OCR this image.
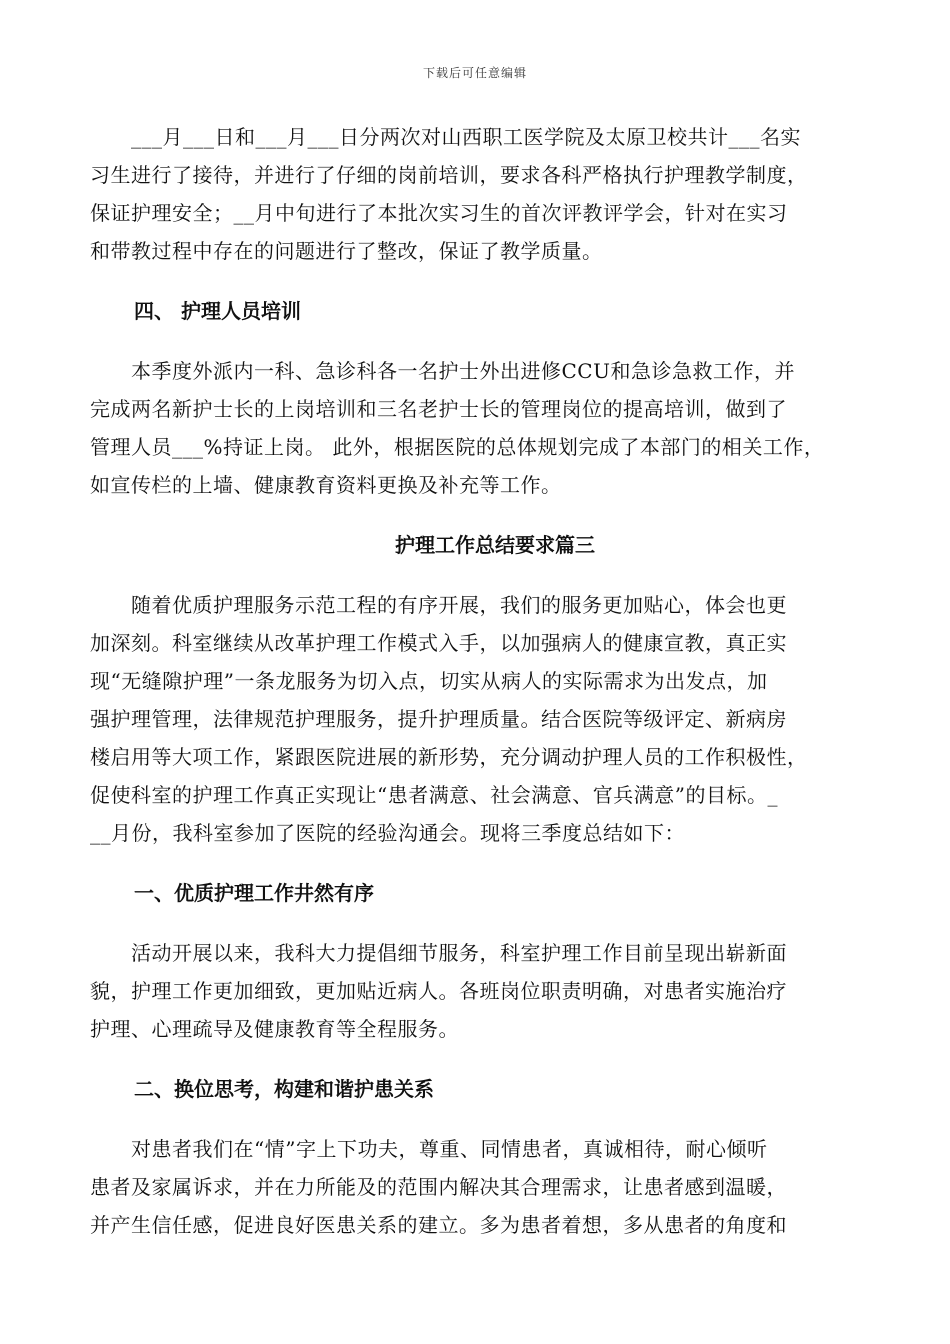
下载后可任意编辑

　　___月___日和___月___日分两次对山西职工医学院及太原卫校共计___名实
习生进行了接待，并进行了仔细的岗前培训，要求各科严格执行护理教学制度，
保证护理安全；__月中旬进行了本批次实习生的首次评教评学会，针对在实习
和带教过程中存在的问题进行了整改，保证了教学质量。

四、 护理人员培训

　　本季度外派内一科、急诊科各一名护士外出进修CCU和急诊急救工作，并
完成两名新护士长的上岗培训和三名老护士长的管理岗位的提高培训，做到了
管理人员___%持证上岗。 此外，根据医院的总体规划完成了本部门的相关工作，
如宣传栏的上墙、健康教育资料更换及补充等工作。

护理工作总结要求篇三

　　随着优质护理服务示范工程的有序开展，我们的服务更加贴心，体会也更
加深刻。科室继续从改革护理工作模式入手，以加强病人的健康宣教，真正实
现“无缝隙护理”一条龙服务为切入点，切实从病人的实际需求为出发点，加
强护理管理，法律规范护理服务，提升护理质量。结合医院等级评定、新病房
楼启用等大项工作，紧跟医院进展的新形势，充分调动护理人员的工作积极性，
促使科室的护理工作真正实现让“患者满意、社会满意、官兵满意”的目标。_
__月份，我科室参加了医院的经验沟通会。现将三季度总结如下：

一、优质护理工作井然有序

　　活动开展以来，我科大力提倡细节服务，科室护理工作目前呈现出崭新面
貌，护理工作更加细致，更加贴近病人。各班岗位职责明确，对患者实施治疗
护理、心理疏导及健康教育等全程服务。

二、换位思考，构建和谐护患关系

　　对患者我们在“情”字上下功夫，尊重、同情患者，真诚相待，耐心倾听
患者及家属诉求，并在力所能及的范围内解决其合理需求，让患者感到温暖，
并产生信任感，促进良好医患关系的建立。多为患者着想，多从患者的角度和
